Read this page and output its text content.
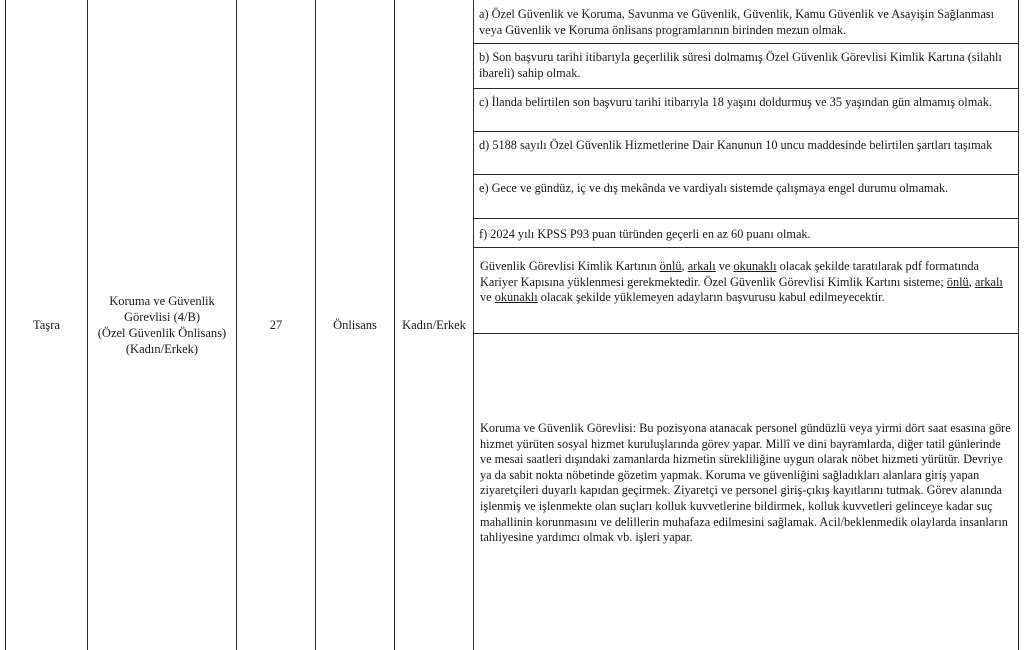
Taşra
Koruma ve Güvenlik
Görevlisi (4/B)
(Özel Güvenlik Önlisans)
(Kadın/Erkek)
27	Önlisans Kadın/Erkek
a) Özel Güvenlik ve Koruma, Savunma ve Güvenlik, Güvenlik, Kamu Güvenlik ve Asayişin Sağlanması veya Güvenlik ve Koruma önlisans programlarının birinden mezun olmak.
b) Son başvuru tarihi itibarıyla geçerlilik süresi dolmamış Özel Güvenlik Görevlisi Kimlik Kartına (silahlı ibareli) sahip olmak.
c) İlanda belirtilen son başvuru tarihi itibarıyla 18 yaşını doldurmuş ve 35 yaşından gün almamış olmak.
d) 5188 sayılı Özel Güvenlik Hizmetlerine Dair Kanunun 10 uncu maddesinde belirtilen şartları taşımak
e) Gece ve gündüz, iç ve dış mekânda ve vardiyalı sistemde çalışmaya engel durumu olmamak.
f) 2024 yılı KPSS P93 puan türünden geçerli en az 60 puanı olmak.
Güvenlik Görevlisi Kimlik Kartının önlü, arkalı ve okunaklı olacak şekilde taratılarak pdf formatında Kariyer Kapısına yüklenmesi gerekmektedir. Özel Güvenlik Görevlisi Kimlik Kartını sisteme; önlü, arkalı ve okunaklı olacak şekilde yüklemeyen adayların başvurusu kabul edilmeyecektir.
Koruma ve Güvenlik Görevlisi: Bu pozisyona atanacak personel gündüzlü veya yirmi dört saat esasına göre hizmet yürüten sosyal hizmet kuruluşlarında görev yapar. Millî ve dini bayramlarda, diğer tatil günlerinde ve mesai saatleri dışındaki zamanlarda hizmetin sürekliliğine uygun olarak nöbet hizmeti yürütür. Devriye ya da sabit nokta nöbetinde gözetim yapmak. Koruma ve güvenliğini sağladıkları alanlara giriş yapan ziyaretçileri duyarlı kapıdan geçirmek. Ziyaretçi ve personel giriş-çıkış kayıtlarını tutmak. Görev alanında işlenmiş ve işlenmekte olan suçları kolluk kuvvetlerine bildirmek, kolluk kuvvetleri gelinceye kadar suç mahallinin korunmasını ve delillerin muhafaza edilmesini sağlamak. Acil/beklenmedik olaylarda insanların tahliyesine yardımcı olmak vb. işleri yapar.
